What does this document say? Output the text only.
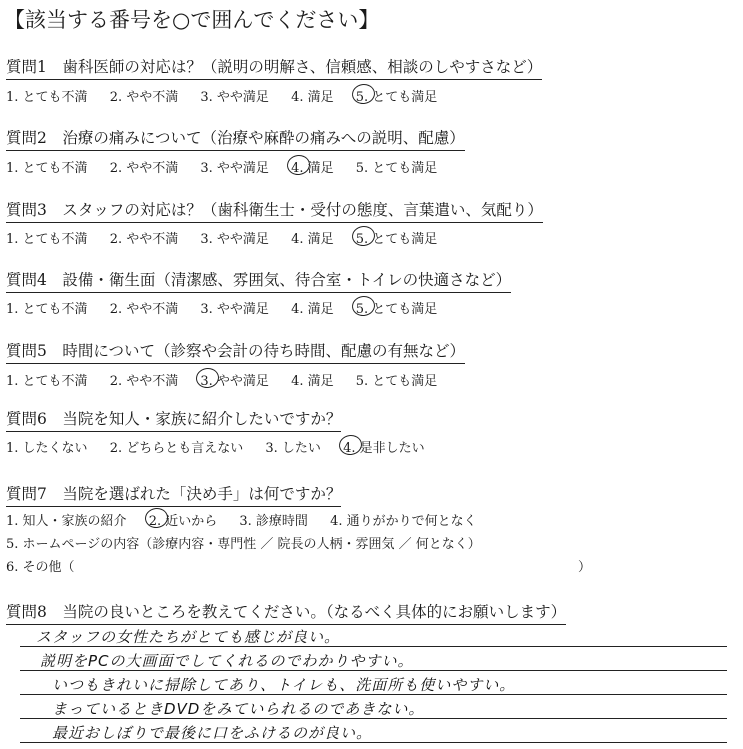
【該当する番号を○で囲んでください】
質問1　歯科医師の対応は？（説明の明解さ、信頼感、相談のしやすさなど）
1. とても不満 2. やや不満 3. やや満足 4. 満足 5. とても満足
質問2　治療の痛みについて（治療や麻酔の痛みへの説明、配慮）
1. とても不満 2. やや不満 3. やや満足 4. 満足 5. とても満足
質問3　スタッフの対応は？（歯科衛生士・受付の態度、言葉遣い、気配り）
1. とても不満 2. やや不満 3. やや満足 4. 満足 5. とても満足
質問4　設備・衛生面（清潔感、雰囲気、待合室・トイレの快適さなど）
1. とても不満 2. やや不満 3. やや満足 4. 満足 5. とても満足
質問5　時間について（診察や会計の待ち時間、配慮の有無など）
1. とても不満 2. やや不満 3. やや満足 4. 満足 5. とても満足
質問6　当院を知人・家族に紹介したいですか？
1. したくない 2. どちらとも言えない 3. したい 4. 是非したい
質問7　当院を選ばれた「決め手」は何ですか？
1. 知人・家族の紹介 2. 近いから 3. 診療時間 4. 通りがかりで何となく
5. ホームページの内容（診療内容・専門性 ／ 院長の人柄・雰囲気 ／ 何となく）
6. その他（	）
質問8　当院の良いところを教えてください。（なるべく具体的にお願いします）
スタッフの女性たちがとても感じが良い。
説明をPCの大画面でしてくれるのでわかりやすい。
いつもきれいに掃除してあり、トイレも、洗面所も使いやすい。
まっているときDVDをみていられるのであきない。
最近おしぼりで最後に口をふけるのが良い。
